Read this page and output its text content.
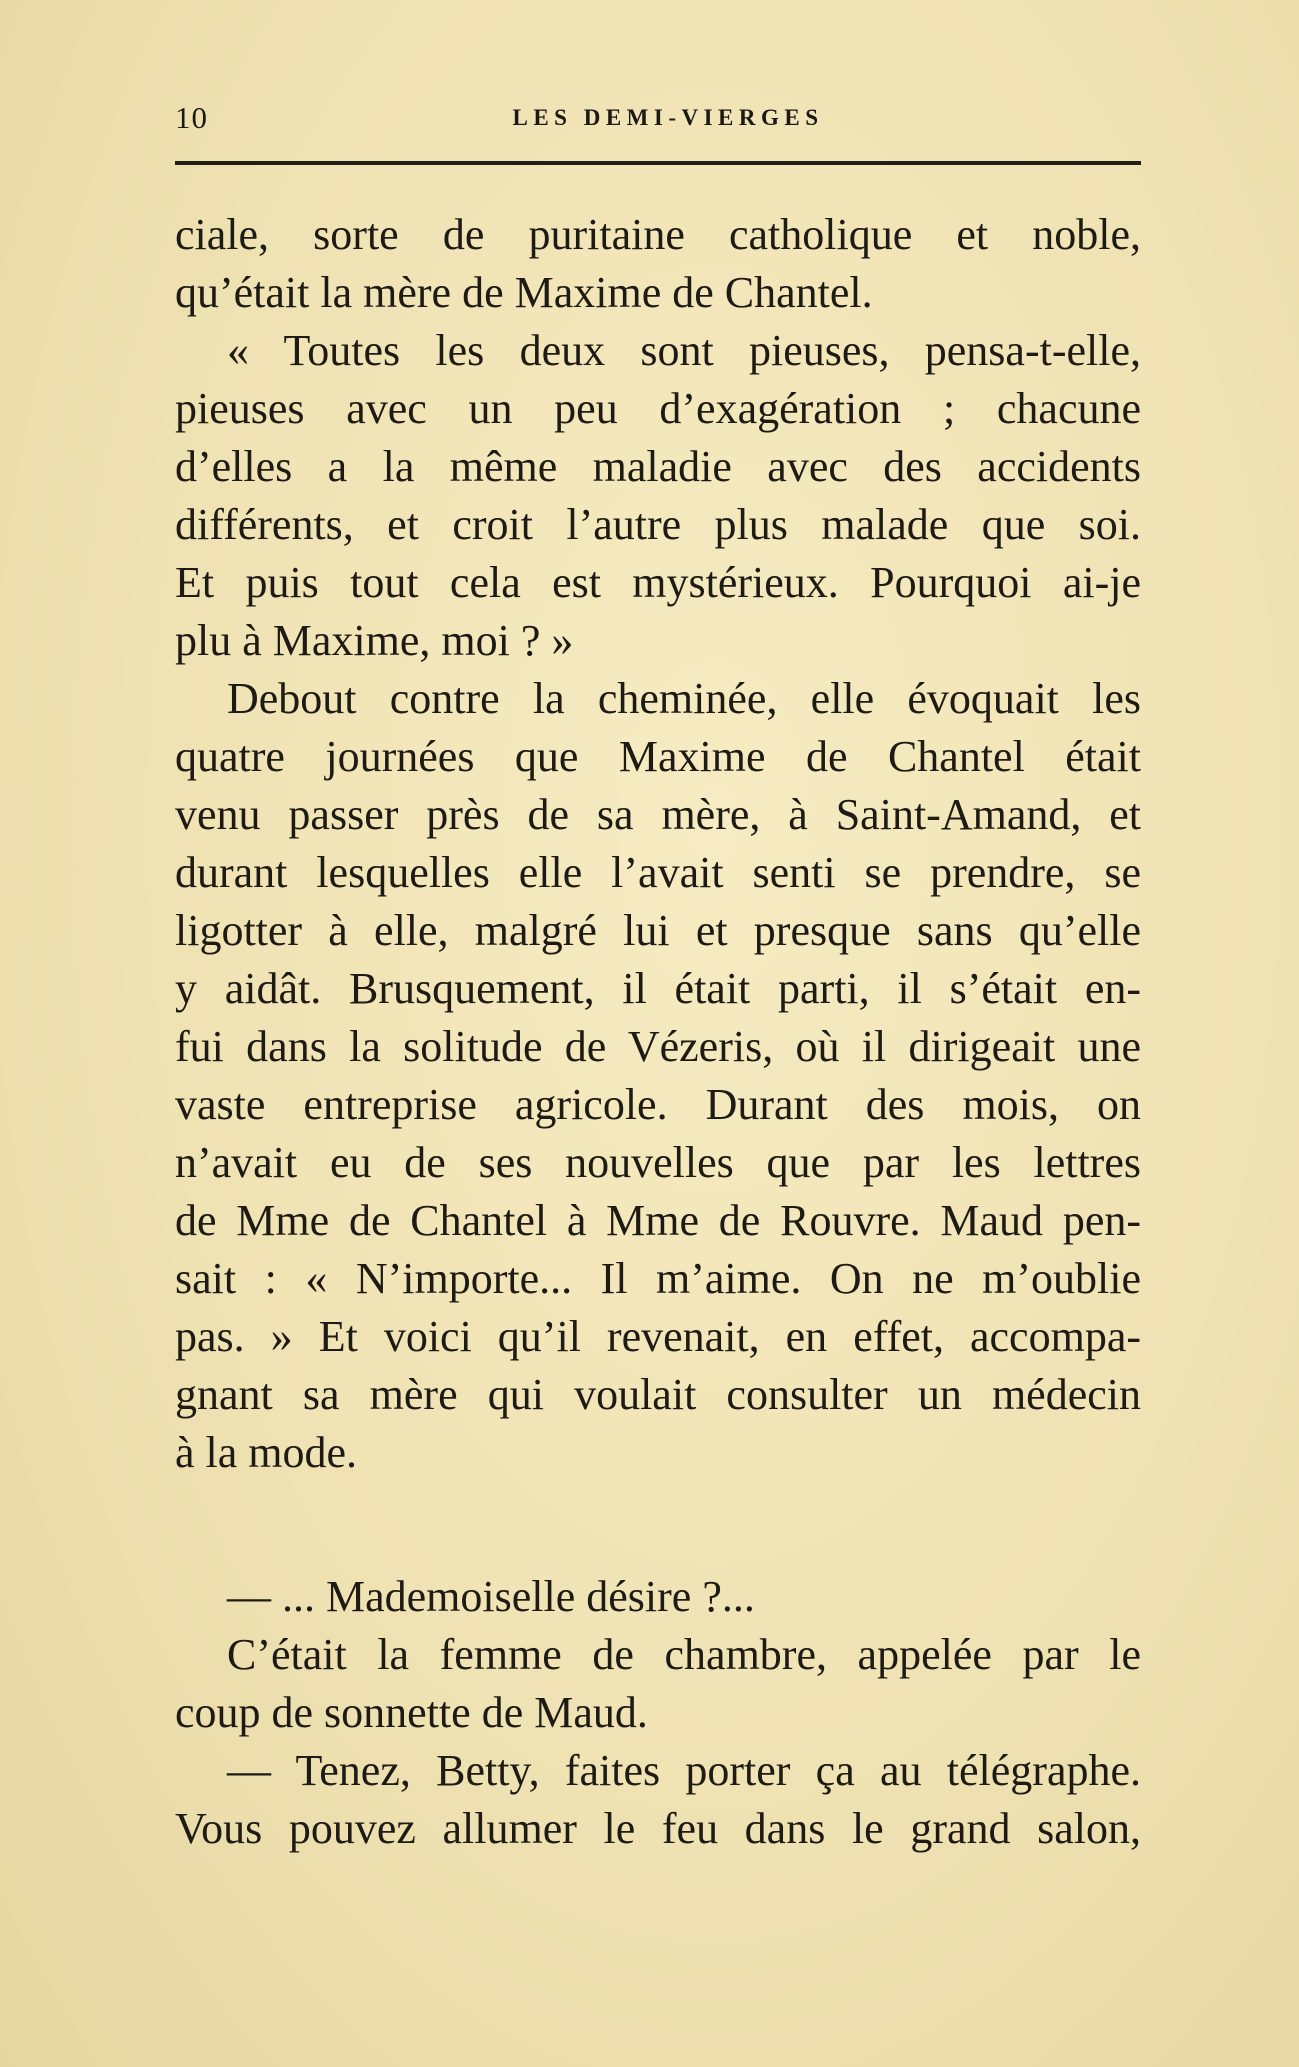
10	LES DEMI-VIERGES
ciale, sorte de puritaine catholique et noble,
qu’était la mère de Maxime de Chantel.
« Toutes les deux sont pieuses, pensa-t-elle,
pieuses avec un peu d’exagération ; chacune
d’elles a la même maladie avec des accidents
différents, et croit l’autre plus malade que soi.
Et puis tout cela est mystérieux. Pourquoi ai-je
plu à Maxime, moi ? »
Debout contre la cheminée, elle évoquait les
quatre journées que Maxime de Chantel était
venu passer près de sa mère, à Saint-Amand, et
durant lesquelles elle l’avait senti se prendre, se
ligotter à elle, malgré lui et presque sans qu’elle
y aidât. Brusquement, il était parti, il s’était en-
fui dans la solitude de Vézeris, où il dirigeait une
vaste entreprise agricole. Durant des mois, on
n’avait eu de ses nouvelles que par les lettres
de Mme de Chantel à Mme de Rouvre. Maud pen-
sait : « N’importe... Il m’aime. On ne m’oublie
pas. » Et voici qu’il revenait, en effet, accompa-
gnant sa mère qui voulait consulter un médecin
à la mode.
— ... Mademoiselle désire ?...
C’était la femme de chambre, appelée par le
coup de sonnette de Maud.
— Tenez, Betty, faites porter ça au télégraphe.
Vous pouvez allumer le feu dans le grand salon,
